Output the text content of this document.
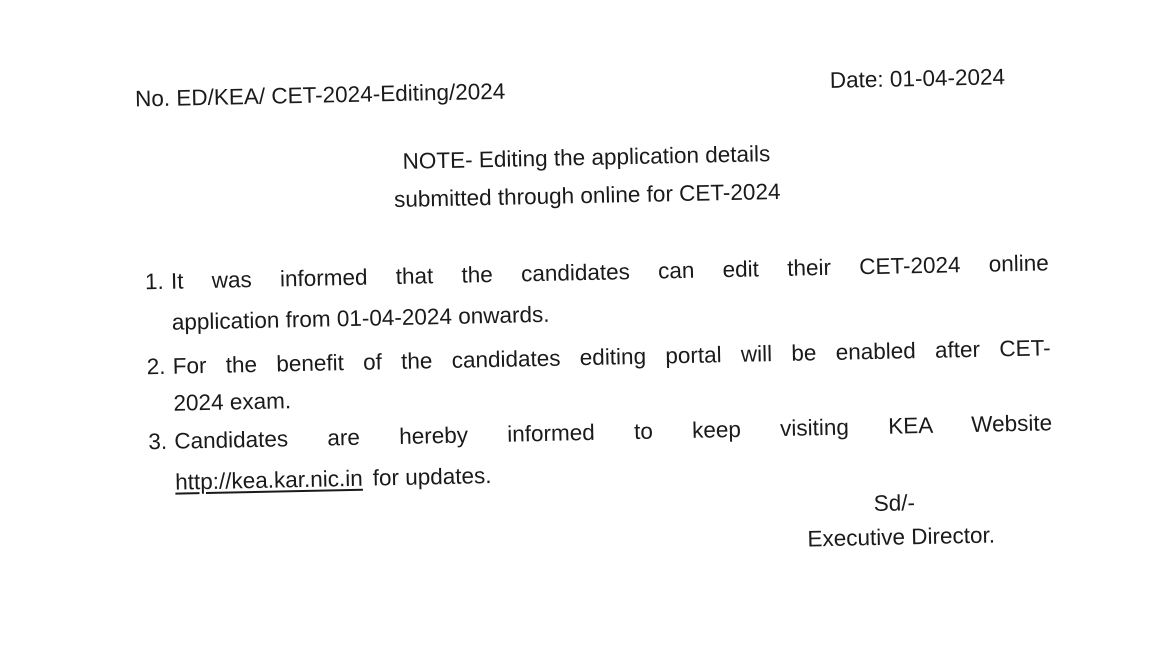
No. ED/KEA/ CET-2024-Editing/2024
Date: 01-04-2024
NOTE- Editing the application details
submitted through online for CET-2024
1. It was informed that the candidates can edit their CET-2024 online
application from 01-04-2024 onwards.
2. For the benefit of the candidates editing portal will be enabled after CET-
2024 exam.
3. Candidates are hereby informed to keep visiting KEA Website
http://kea.kar.nic.in for updates.
Sd/-
Executive Director.
